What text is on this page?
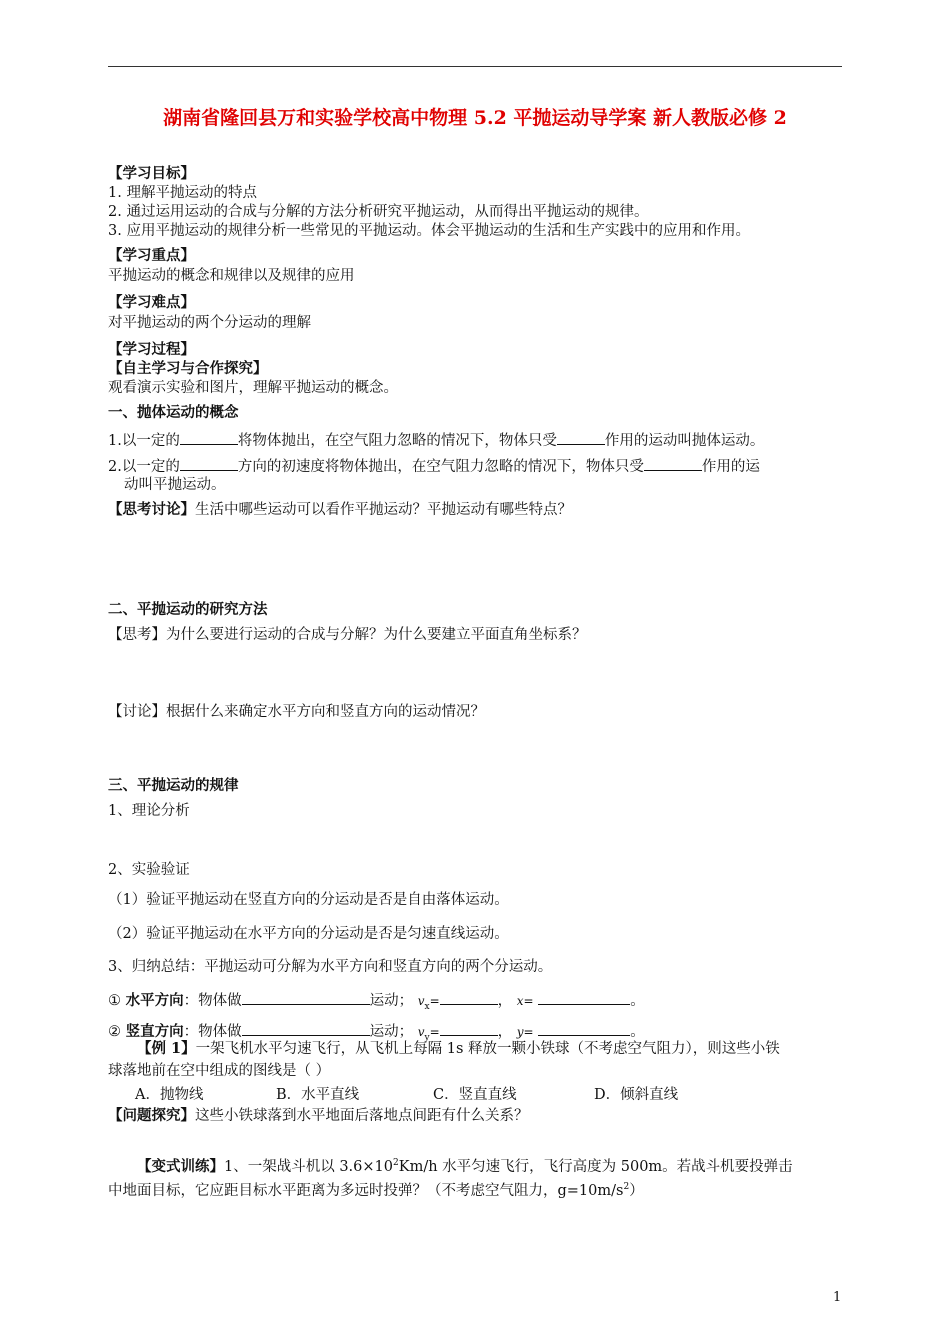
湖南省隆回县万和实验学校高中物理 5.2 平抛运动导学案 新人教版必修 2
【学习目标】
1. 理解平抛运动的特点
2. 通过运用运动的合成与分解的方法分析研究平抛运动，从而得出平抛运动的规律。
3. 应用平抛运动的规律分析一些常见的平抛运动。体会平抛运动的生活和生产实践中的应用和作用。
【学习重点】
平抛运动的概念和规律以及规律的应用
【学习难点】
对平抛运动的两个分运动的理解
【学习过程】
【自主学习与合作探究】
观看演示实验和图片，理解平抛运动的概念。
一、抛体运动的概念
1.以一定的	将物体抛出，在空气阻力忽略的情况下，物体只受	作用的运动叫抛体运动。
2.以一定的	方向的初速度将物体抛出，在空气阻力忽略的情况下，物体只受	作用的运
动叫平抛运动。
【思考讨论】生活中哪些运动可以看作平抛运动？平抛运动有哪些特点？
二、平抛运动的研究方法
【思考】为什么要进行运动的合成与分解？为什么要建立平面直角坐标系？
【讨论】根据什么来确定水平方向和竖直方向的运动情况？
三、平抛运动的规律
1、理论分析
2、实验验证
（1）验证平抛运动在竖直方向的分运动是否是自由落体运动。
（2）验证平抛运动在水平方向的分运动是否是匀速直线运动。
3、归纳总结：平抛运动可分解为水平方向和竖直方向的两个分运动。
① 水平方向：物体做	运动； $v_x=$	， x=	。
② 竖直方向：物体做	运动； $v_y=$	， y=	。
【例 1】一架飞机水平匀速飞行，从飞机上每隔 1s 释放一颗小铁球（不考虑空气阻力），则这些小铁
球落地前在空中组成的图线是（ ）
A．抛物线	B．水平直线	C．竖直直线	D．倾斜直线
【问题探究】这些小铁球落到水平地面后落地点间距有什么关系？
【变式训练】1、一架战斗机以 $3.6\times 10^2Km/h$ 水平匀速飞行，飞行高度为 500m。若战斗机要投弹击
中地面目标，它应距目标水平距离为多远时投弹？（不考虑空气阻力，$g=10m/s^2$）
1
